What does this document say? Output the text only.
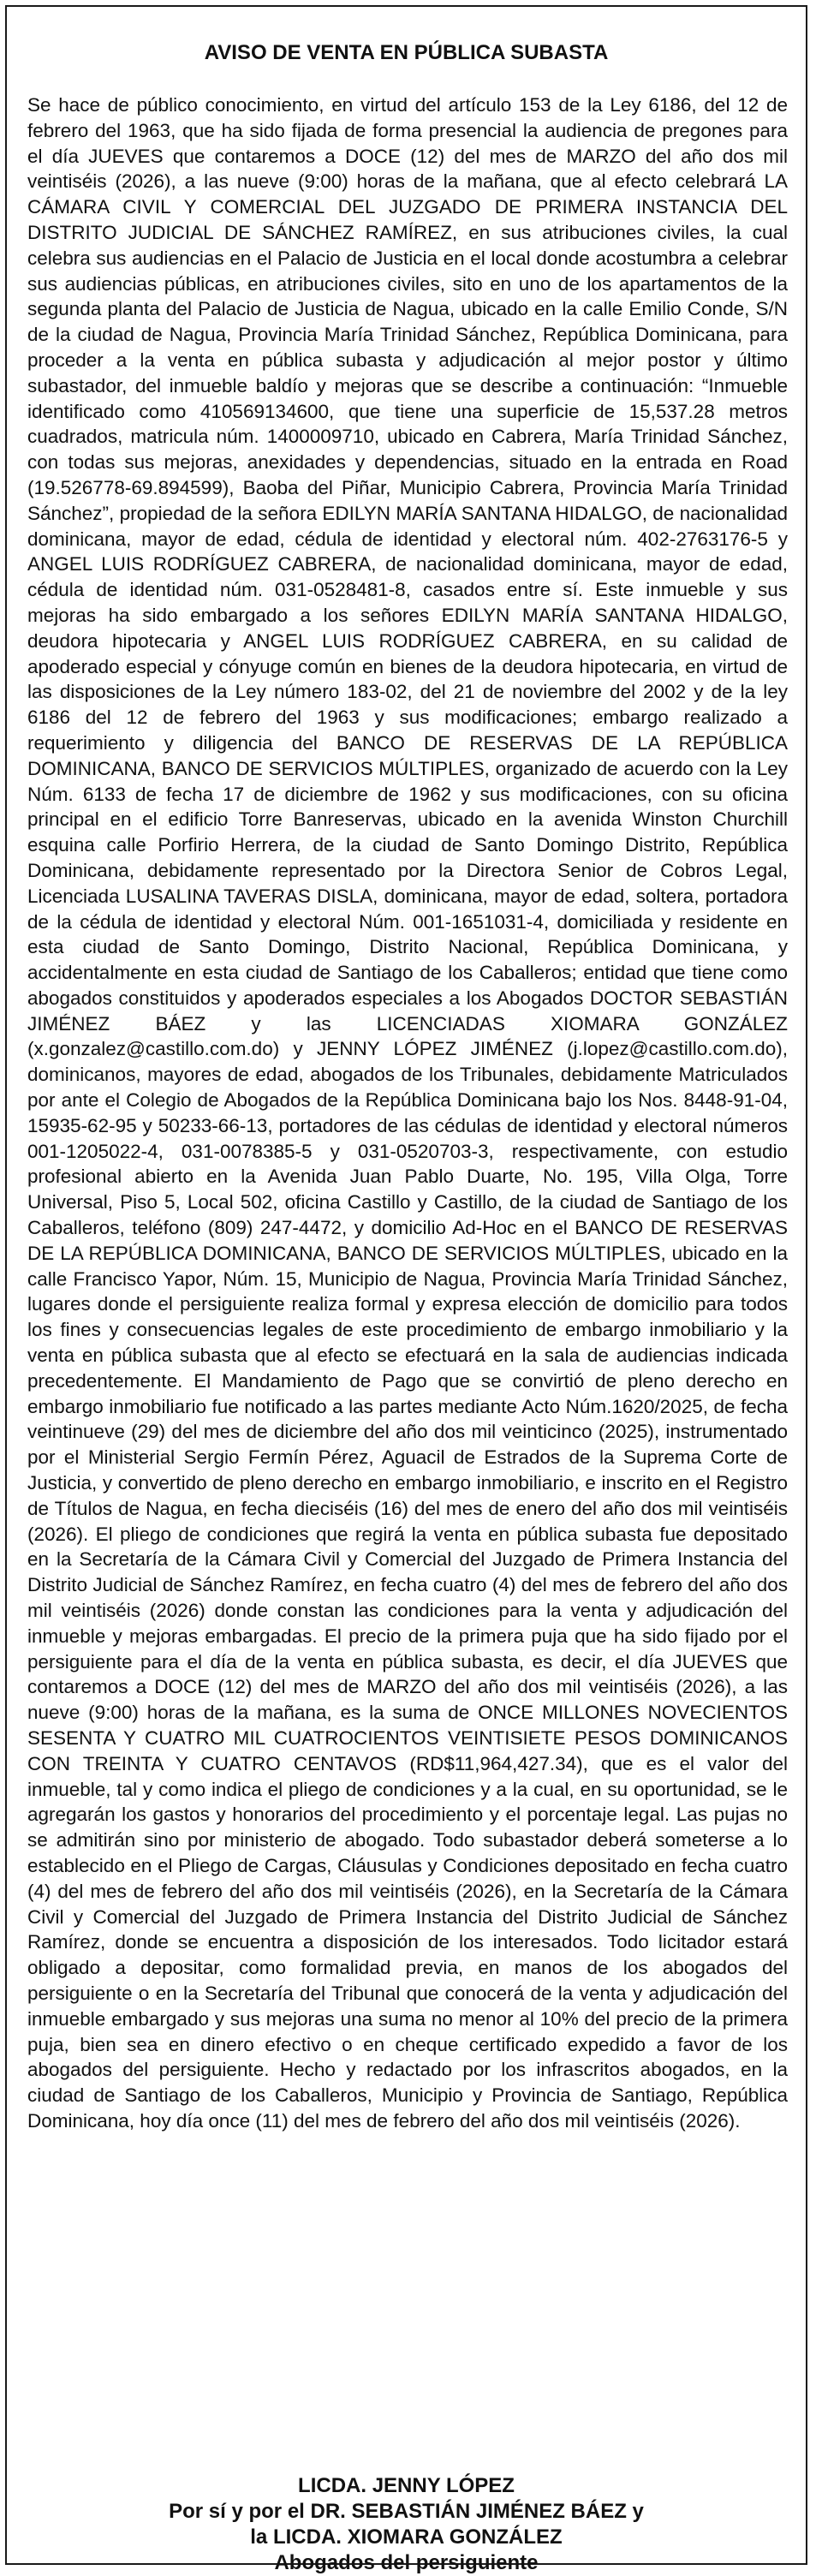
AVISO DE VENTA EN PÚBLICA SUBASTA

Se hace de público conocimiento, en virtud del artículo 153 de la Ley 6186, del 12 de febrero del 1963, que ha sido fijada de forma presencial la audiencia de pregones para el día JUEVES que contaremos a DOCE (12) del mes de MARZO del año dos mil veintiséis (2026), a las nueve (9:00) horas de la mañana, que al efecto celebrará LA CÁMARA CIVIL Y COMERCIAL DEL JUZGADO DE PRIMERA INSTANCIA DEL DISTRITO JUDICIAL DE SÁNCHEZ RAMÍREZ, en sus atribuciones civiles, la cual celebra sus audiencias en el Palacio de Justicia en el local donde acostumbra a celebrar sus audiencias públicas, en atribuciones civiles, sito en uno de los apartamentos de la segunda planta del Palacio de Justicia de Nagua, ubicado en la calle Emilio Conde, S/N de la ciudad de Nagua, Provincia María Trinidad Sánchez, República Dominicana, para proceder a la venta en pública subasta y adjudicación al mejor postor y último subastador, del inmueble baldío y mejoras que se describe a continuación: “Inmueble identificado como 410569134600, que tiene una superficie de 15,537.28 metros cuadrados, matricula núm. 1400009710, ubicado en Cabrera, María Trinidad Sánchez, con todas sus mejoras, anexidades y dependencias, situado en la entrada en Road (19.526778-69.894599), Baoba del Piñar, Municipio Cabrera, Provincia María Trinidad Sánchez”, propiedad de la señora EDILYN MARÍA SANTANA HIDALGO, de nacionalidad dominicana, mayor de edad, cédula de identidad y electoral núm. 402-2763176-5 y ANGEL LUIS RODRÍGUEZ CABRERA, de nacionalidad dominicana, mayor de edad, cédula de identidad núm. 031-0528481-8, casados entre sí. Este inmueble y sus mejoras ha sido embargado a los señores EDILYN MARÍA SANTANA HIDALGO, deudora hipotecaria y ANGEL LUIS RODRÍGUEZ CABRERA, en su calidad de apoderado especial y cónyuge común en bienes de la deudora hipotecaria, en virtud de las disposiciones de la Ley número 183-02, del 21 de noviembre del 2002 y de la ley 6186 del 12 de febrero del 1963 y sus modificaciones; embargo realizado a requerimiento y diligencia del BANCO DE RESERVAS DE LA REPÚBLICA DOMINICANA, BANCO DE SERVICIOS MÚLTIPLES, organizado de acuerdo con la Ley Núm. 6133 de fecha 17 de diciembre de 1962 y sus modificaciones, con su oficina principal en el edificio Torre Banreservas, ubicado en la avenida Winston Churchill esquina calle Porfirio Herrera, de la ciudad de Santo Domingo Distrito, República Dominicana, debidamente representado por la Directora Senior de Cobros Legal, Licenciada LUSALINA TAVERAS DISLA, dominicana, mayor de edad, soltera, portadora de la cédula de identidad y electoral Núm. 001-1651031-4, domiciliada y residente en esta ciudad de Santo Domingo, Distrito Nacional, República Dominicana, y accidentalmente en esta ciudad de Santiago de los Caballeros; entidad que tiene como abogados constituidos y apoderados especiales a los Abogados DOCTOR SEBASTIÁN JIMÉNEZ BÁEZ y las LICENCIADAS XIOMARA GONZÁLEZ (x.gonzalez@castillo.com.do) y JENNY LÓPEZ JIMÉNEZ (j.lopez@castillo.com.do), dominicanos, mayores de edad, abogados de los Tribunales, debidamente Matriculados por ante el Colegio de Abogados de la República Dominicana bajo los Nos. 8448-91-04, 15935-62-95 y 50233-66-13, portadores de las cédulas de identidad y electoral números 001-1205022-4, 031-0078385-5 y 031-0520703-3, respectivamente, con estudio profesional abierto en la Avenida Juan Pablo Duarte, No. 195, Villa Olga, Torre Universal, Piso 5, Local 502, oficina Castillo y Castillo, de la ciudad de Santiago de los Caballeros, teléfono (809) 247-4472, y domicilio Ad-Hoc en el BANCO DE RESERVAS DE LA REPÚBLICA DOMINICANA, BANCO DE SERVICIOS MÚLTIPLES, ubicado en la calle Francisco Yapor, Núm. 15, Municipio de Nagua, Provincia María Trinidad Sánchez, lugares donde el persiguiente realiza formal y expresa elección de domicilio para todos los fines y consecuencias legales de este procedimiento de embargo inmobiliario y la venta en pública subasta que al efecto se efectuará en la sala de audiencias indicada precedentemente. El Mandamiento de Pago que se convirtió de pleno derecho en embargo inmobiliario fue notificado a las partes mediante Acto Núm.1620/2025, de fecha veintinueve (29) del mes de diciembre del año dos mil veinticinco (2025), instrumentado por el Ministerial Sergio Fermín Pérez, Aguacil de Estrados de la Suprema Corte de Justicia, y convertido de pleno derecho en embargo inmobiliario, e inscrito en el Registro de Títulos de Nagua, en fecha dieciséis (16) del mes de enero del año dos mil veintiséis (2026). El pliego de condiciones que regirá la venta en pública subasta fue depositado en la Secretaría de la Cámara Civil y Comercial del Juzgado de Primera Instancia del Distrito Judicial de Sánchez Ramírez, en fecha cuatro (4) del mes de febrero del año dos mil veintiséis (2026) donde constan las condiciones para la venta y adjudicación del inmueble y mejoras embargadas. El precio de la primera puja que ha sido fijado por el persiguiente para el día de la venta en pública subasta, es decir, el día JUEVES que contaremos a DOCE (12) del mes de MARZO del año dos mil veintiséis (2026), a las nueve (9:00) horas de la mañana, es la suma de ONCE MILLONES NOVECIENTOS SESENTA Y CUATRO MIL CUATROCIENTOS VEINTISIETE PESOS DOMINICANOS CON TREINTA Y CUATRO CENTAVOS (RD$11,964,427.34), que es el valor del inmueble, tal y como indica el pliego de condiciones y a la cual, en su oportunidad, se le agregarán los gastos y honorarios del procedimiento y el porcentaje legal. Las pujas no se admitirán sino por ministerio de abogado. Todo subastador deberá someterse a lo establecido en el Pliego de Cargas, Cláusulas y Condiciones depositado en fecha cuatro (4) del mes de febrero del año dos mil veintiséis (2026), en la Secretaría de la Cámara Civil y Comercial del Juzgado de Primera Instancia del Distrito Judicial de Sánchez Ramírez, donde se encuentra a disposición de los interesados. Todo licitador estará obligado a depositar, como formalidad previa, en manos de los abogados del persiguiente o en la Secretaría del Tribunal que conocerá de la venta y adjudicación del inmueble embargado y sus mejoras una suma no menor al 10% del precio de la primera puja, bien sea en dinero efectivo o en cheque certificado expedido a favor de los abogados del persiguiente. Hecho y redactado por los infrascritos abogados, en la ciudad de Santiago de los Caballeros, Municipio y Provincia de Santiago, República Dominicana, hoy día once (11) del mes de febrero del año dos mil veintiséis (2026).

LICDA. JENNY LÓPEZ
Por sí y por el DR. SEBASTIÁN JIMÉNEZ BÁEZ y
la LICDA. XIOMARA GONZÁLEZ
Abogados del persiguiente
